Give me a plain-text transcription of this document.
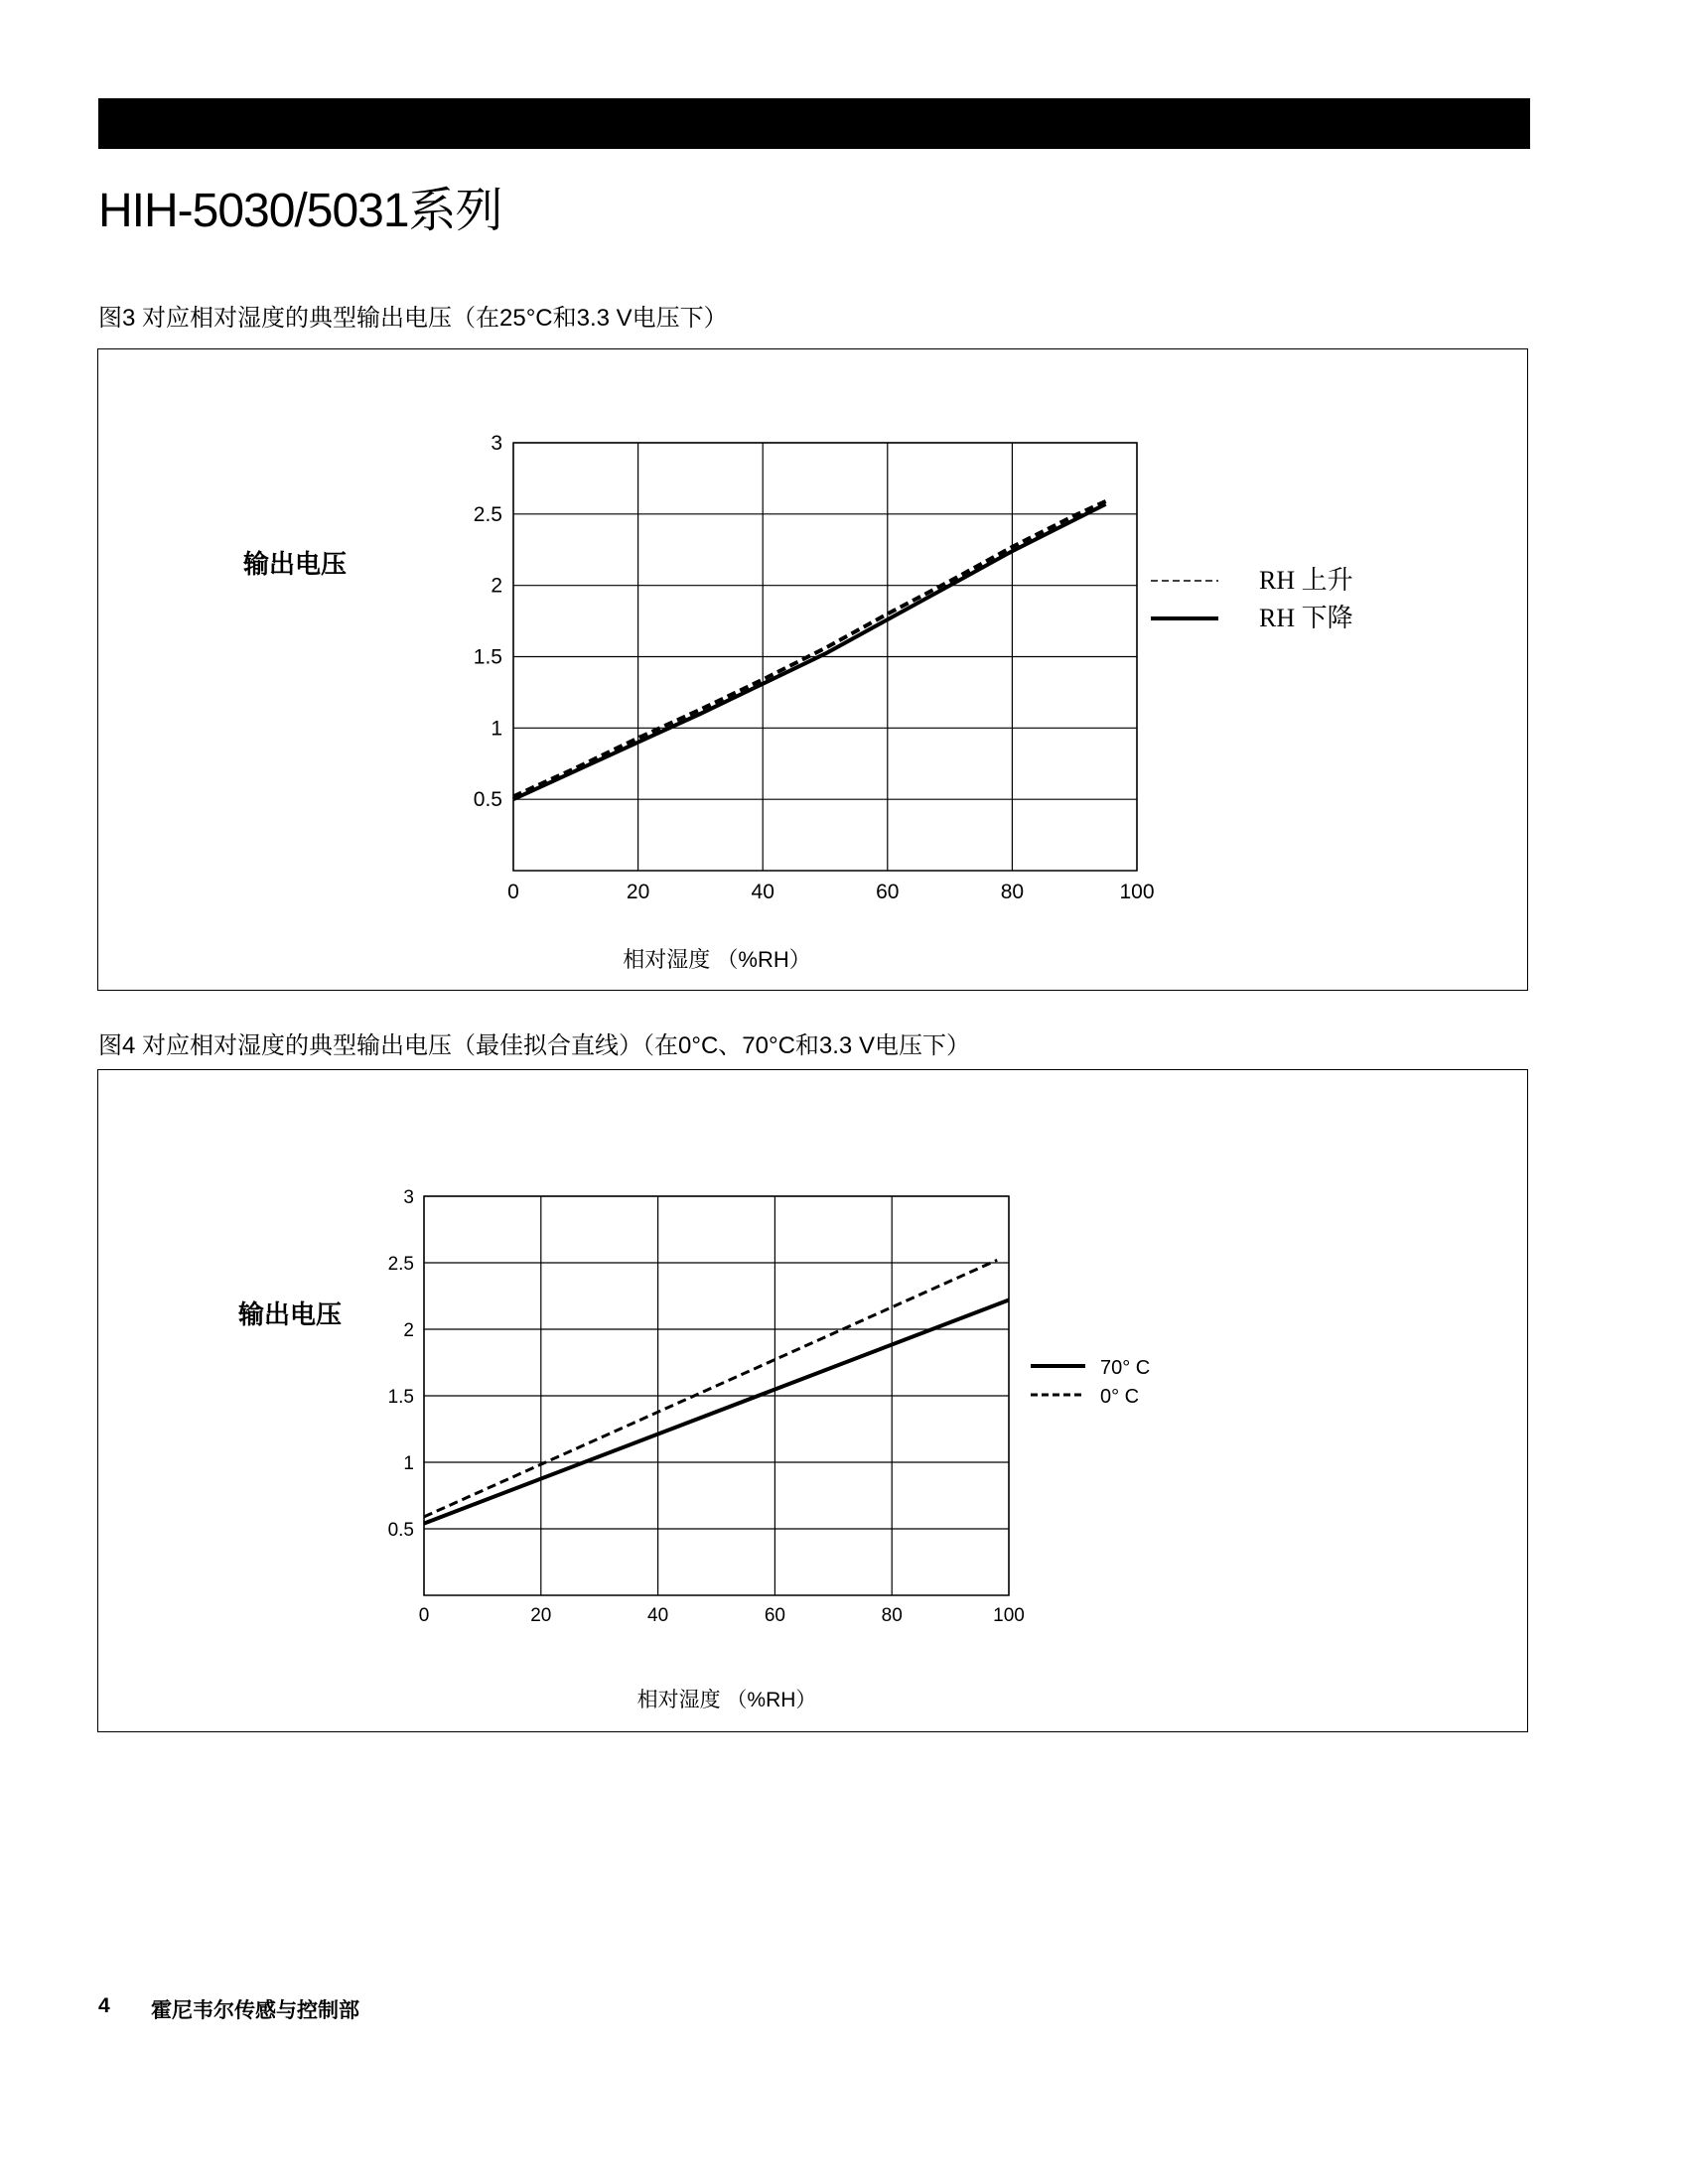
HIH-5030/5031系列
图3 对应相对湿度的典型输出电压（在25°C和3.3 V电压下）
0	20	40	60	80	100
0.5
1
1.5
2
2.5
3
输出电压
相对湿度 （%RH）
RH 上升
RH 下降
图4 对应相对湿度的典型输出电压（最佳拟合直线）（在0°C、70°C和3.3 V电压下）
0	20	40	60	80	100
0.5
1
1.5
2
2.5
3
输出电压
相对湿度 （%RH）
70° C
0° C
4 霍尼韦尔传感与控制部
